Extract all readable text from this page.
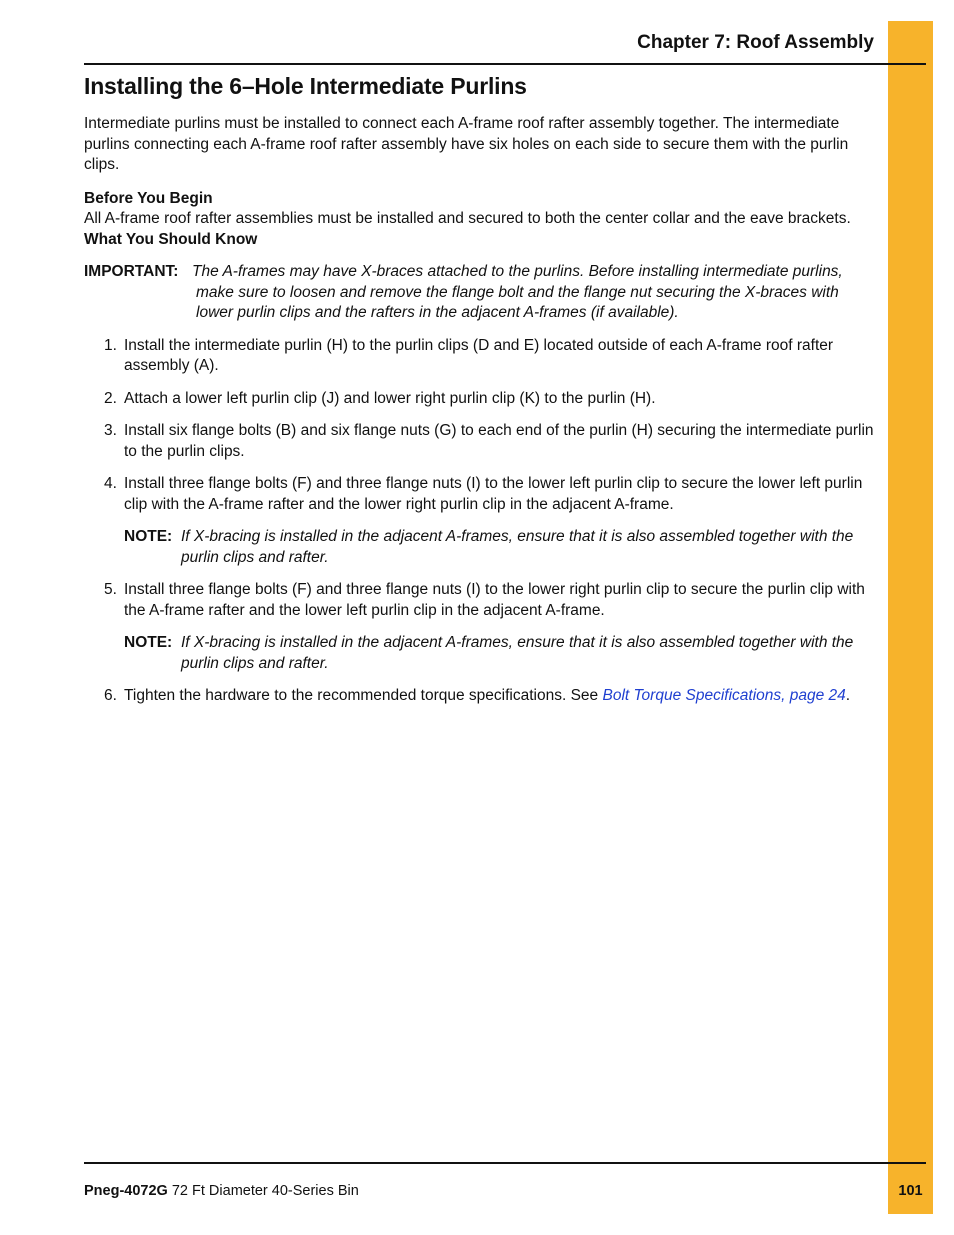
Chapter 7: Roof Assembly
Installing the 6–Hole Intermediate Purlins

Intermediate purlins must be installed to connect each A-frame roof rafter assembly together. The intermediate purlins connecting each A-frame roof rafter assembly have six holes on each side to secure them with the purlin clips.

Before You Begin

All A-frame roof rafter assemblies must be installed and secured to both the center collar and the eave brackets.

What You Should Know

IMPORTANT: The A-frames may have X-braces attached to the purlins. Before installing intermediate purlins, make sure to loosen and remove the flange bolt and the flange nut securing the X-braces with lower purlin clips and the rafters in the adjacent A-frames (if available).
1. Install the intermediate purlin (H) to the purlin clips (D and E) located outside of each A-frame roof rafter assembly (A).
2. Attach a lower left purlin clip (J) and lower right purlin clip (K) to the purlin (H).
3. Install six flange bolts (B) and six flange nuts (G) to each end of the purlin (H) securing the intermediate purlin to the purlin clips.
4. Install three flange bolts (F) and three flange nuts (I) to the lower left purlin clip to secure the lower left purlin clip with the A-frame rafter and the lower right purlin clip in the adjacent A-frame.
NOTE: If X-bracing is installed in the adjacent A-frames, ensure that it is also assembled together with the purlin clips and rafter.
5. Install three flange bolts (F) and three flange nuts (I) to the lower right purlin clip to secure the purlin clip with the A-frame rafter and the lower left purlin clip in the adjacent A-frame.
NOTE: If X-bracing is installed in the adjacent A-frames, ensure that it is also assembled together with the purlin clips and rafter.
6. Tighten the hardware to the recommended torque specifications. See Bolt Torque Specifications, page 24.
Pneg-4072G 72 Ft Diameter 40-Series Bin	101
